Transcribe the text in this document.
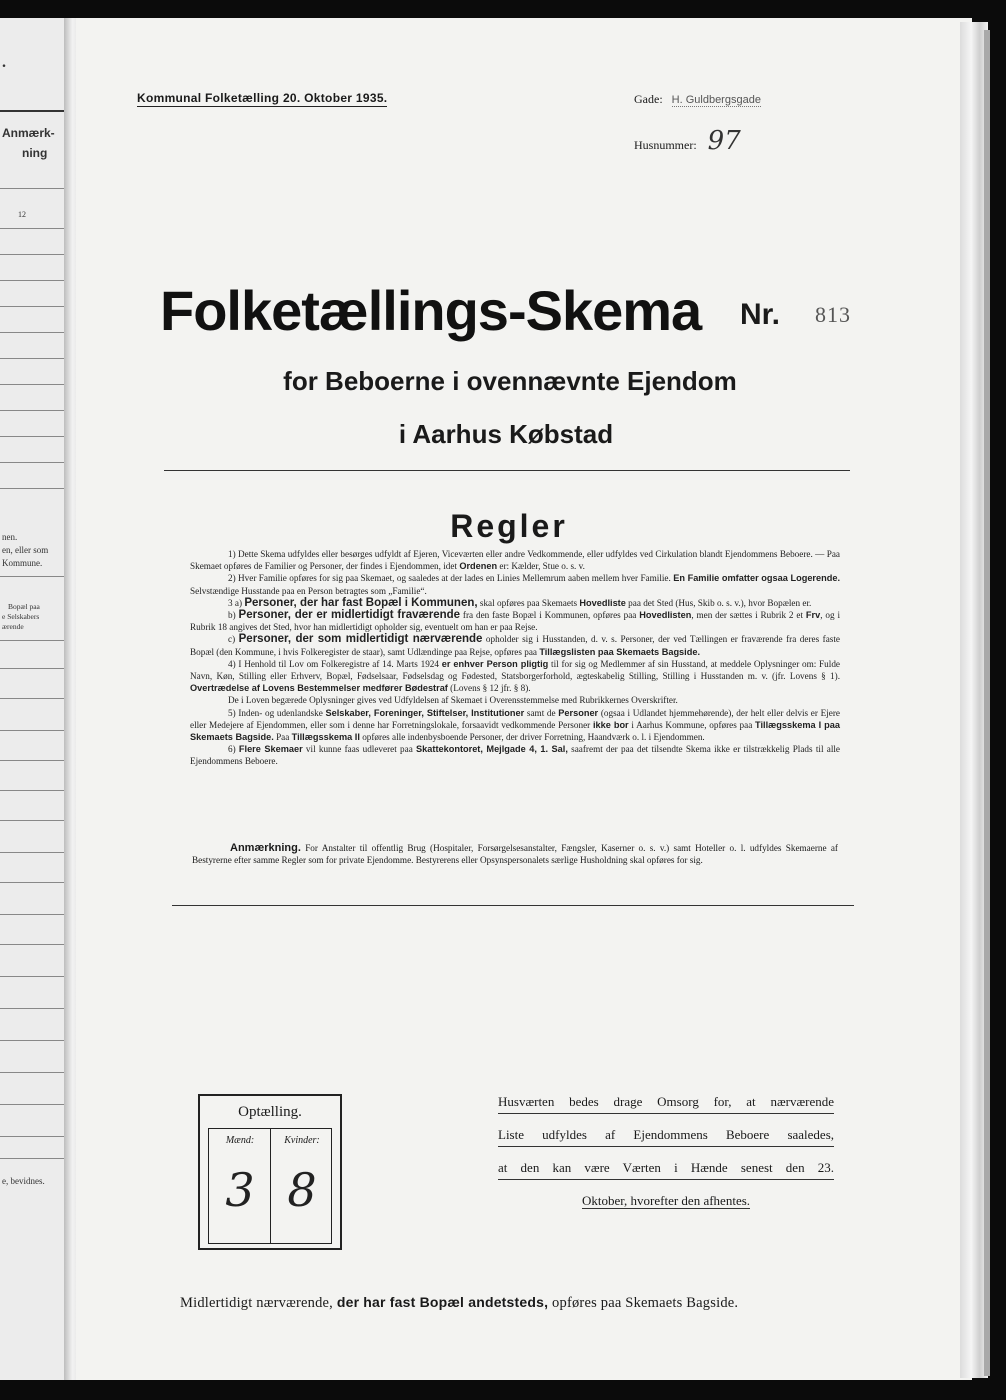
.
Anmærk-
ning
12
nen.
en, eller som
Kommune.
Bopæl paa
e Selskabers
ærende
e, bevidnes.
Kommunal Folketælling 20. Oktober 1935.	Gade: H. Guldbergsgade
Husnummer: 97
Folketællings-Skema Nr. 813
for Beboerne i ovennævnte Ejendom
i Aarhus Købstad
Regler

1) Dette Skema udfyldes eller besørges udfyldt af Ejeren, Viceværten eller andre Vedkommende, eller udfyldes ved Cirkulation blandt Ejendommens Beboere. — Paa Skemaet opføres de Familier og Personer, der findes i Ejendommen, idet Ordenen er: Kælder, Stue o. s. v.

2) Hver Familie opføres for sig paa Skemaet, og saaledes at der lades en Linies Mellemrum aaben mellem hver Familie. En Familie omfatter ogsaa Logerende. Selvstændige Husstande paa en Person betragtes som „Familie“.

3 a) Personer, der har fast Bopæl i Kommunen, skal opføres paa Skemaets Hovedliste paa det Sted (Hus, Skib o. s. v.), hvor Bopælen er.

b) Personer, der er midlertidigt fraværende fra den faste Bopæl i Kommunen, opføres paa Hovedlisten, men der sættes i Rubrik 2 et Frv, og i Rubrik 18 angives det Sted, hvor han midlertidigt opholder sig, eventuelt om han er paa Rejse.

c) Personer, der som midlertidigt nærværende opholder sig i Husstanden, d. v. s. Personer, der ved Tællingen er fraværende fra deres faste Bopæl (den Kommune, i hvis Folkeregister de staar), samt Udlændinge paa Rejse, opføres paa Tillægslisten paa Skemaets Bagside.

4) I Henhold til Lov om Folkeregistre af 14. Marts 1924 er enhver Person pligtig til for sig og Medlemmer af sin Husstand, at meddele Oplysninger om: Fulde Navn, Køn, Stilling eller Erhverv, Bopæl, Fødselsaar, Fødselsdag og Fødested, Statsborgerforhold, ægteskabelig Stilling, Stilling i Husstanden m. v. (jfr. Lovens § 1). Overtrædelse af Lovens Bestemmelser medfører Bødestraf (Lovens § 12 jfr. § 8).

De i Loven begærede Oplysninger gives ved Udfyldelsen af Skemaet i Overensstemmelse med Rubrikkernes Overskrifter.

5) Inden- og udenlandske Selskaber, Foreninger, Stiftelser, Institutioner samt de Personer (ogsaa i Udlandet hjemmehørende), der helt eller delvis er Ejere eller Medejere af Ejendommen, eller som i denne har Forretningslokale, forsaavidt vedkommende Personer ikke bor i Aarhus Kommune, opføres paa Tillægsskema I paa Skemaets Bagside. Paa Tillægsskema II opføres alle indenbysboende Personer, der driver Forretning, Haandværk o. l. i Ejendommen.

6) Flere Skemaer vil kunne faas udleveret paa Skattekontoret, Mejlgade 4, 1. Sal, saafremt der paa det tilsendte Skema ikke er tilstrækkelig Plads til alle Ejendommens Beboere.

Anmærkning. For Anstalter til offentlig Brug (Hospitaler, Forsørgelsesanstalter, Fængsler, Kaserner o. s. v.) samt Hoteller o. l. udfyldes Skemaerne af Bestyrerne efter samme Regler som for private Ejendomme. Bestyrerens eller Opsynspersonalets særlige Husholdning skal opføres for sig.

Optælling.
Mænd:
3
Kvinder:
8
Husværten bedes drage Omsorg for, at nærværende
Liste udfyldes af Ejendommens Beboere saaledes,
at den kan være Værten i Hænde senest den 23.
Oktober, hvorefter den afhentes.
Midlertidigt nærværende, der har fast Bopæl andetsteds, opføres paa Skemaets Bagside.
